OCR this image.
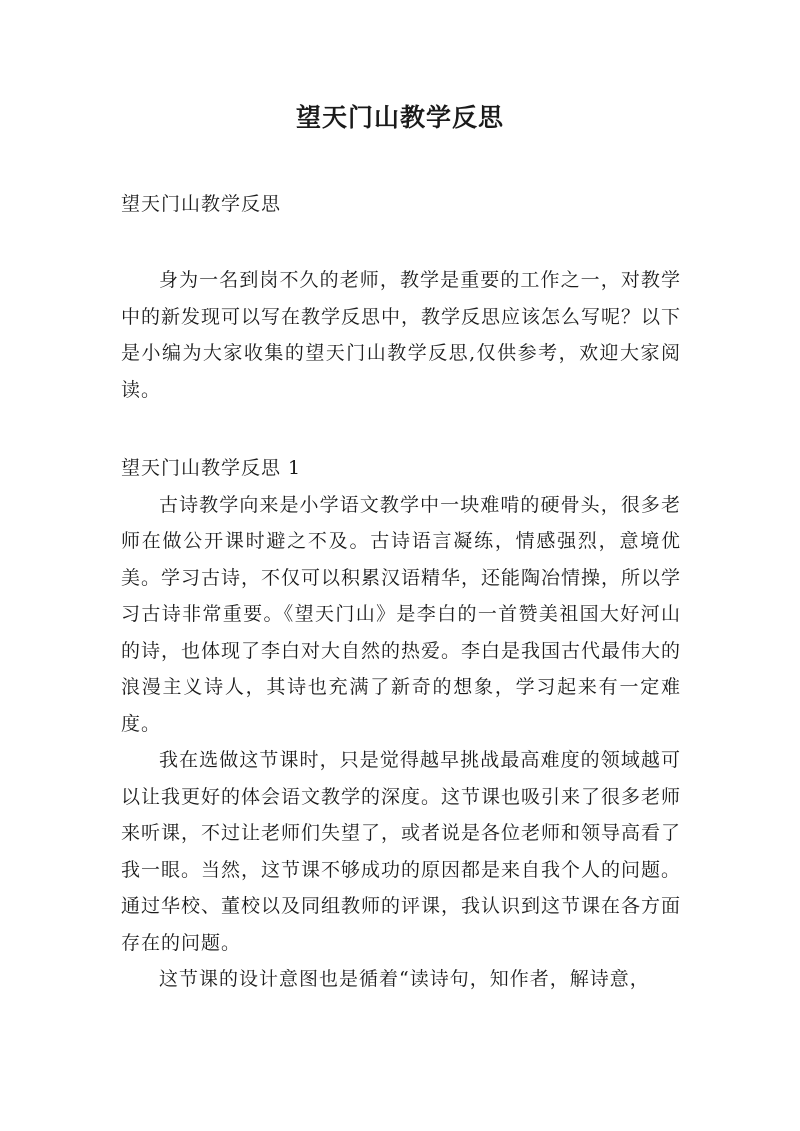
望天门山教学反思

望天门山教学反思

身为一名到岗不久的老师，教学是重要的工作之一，对教学中的新发现可以写在教学反思中，教学反思应该怎么写呢？以下是小编为大家收集的望天门山教学反思,仅供参考，欢迎大家阅读。

望天门山教学反思 1

古诗教学向来是小学语文教学中一块难啃的硬骨头，很多老师在做公开课时避之不及。古诗语言凝练，情感强烈，意境优美。学习古诗，不仅可以积累汉语精华，还能陶冶情操，所以学习古诗非常重要。《望天门山》是李白的一首赞美祖国大好河山的诗，也体现了李白对大自然的热爱。李白是我国古代最伟大的浪漫主义诗人，其诗也充满了新奇的想象，学习起来有一定难度。

我在选做这节课时，只是觉得越早挑战最高难度的领域越可以让我更好的体会语文教学的深度。这节课也吸引来了很多老师来听课，不过让老师们失望了，或者说是各位老师和领导高看了我一眼。当然，这节课不够成功的原因都是来自我个人的问题。通过华校、董校以及同组教师的评课，我认识到这节课在各方面存在的问题。

这节课的设计意图也是循着“读诗句，知作者，解诗意，
